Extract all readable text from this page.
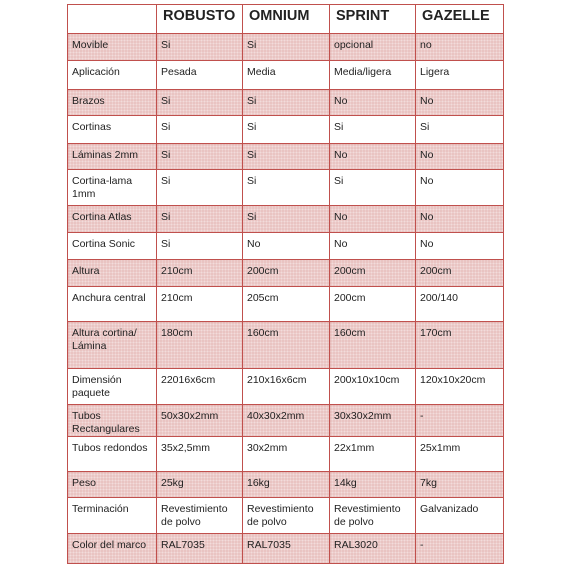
	ROBUSTO	OMNIUM	SPRINT	GAZELLE
Movible	Si	Si	opcional	no
Aplicación	Pesada	Media	Media/ligera	Ligera
Brazos	Si	Si	No	No
Cortinas	Si	Si	Si	Si
Láminas 2mm	Si	Si	No	No
Cortina-lama 1mm	Si	Si	Si	No
Cortina Atlas	Si	Si	No	No
Cortina Sonic	Si	No	No	No
Altura	210cm	200cm	200cm	200cm
Anchura central	210cm	205cm	200cm	200/140
Altura cortina/ Lámina	180cm	160cm	160cm	170cm
Dimensión paquete	22016x6cm	210x16x6cm	200x10x10cm	120x10x20cm
Tubos Rectangulares	50x30x2mm	40x30x2mm	30x30x2mm	-
Tubos redondos	35x2,5mm	30x2mm	22x1mm	25x1mm
Peso	25kg	16kg	14kg	7kg
Terminación	Revestimiento de polvo	Revestimiento de polvo	Revestimiento de polvo	Galvanizado
Color del marco	RAL7035	RAL7035	RAL3020	-
